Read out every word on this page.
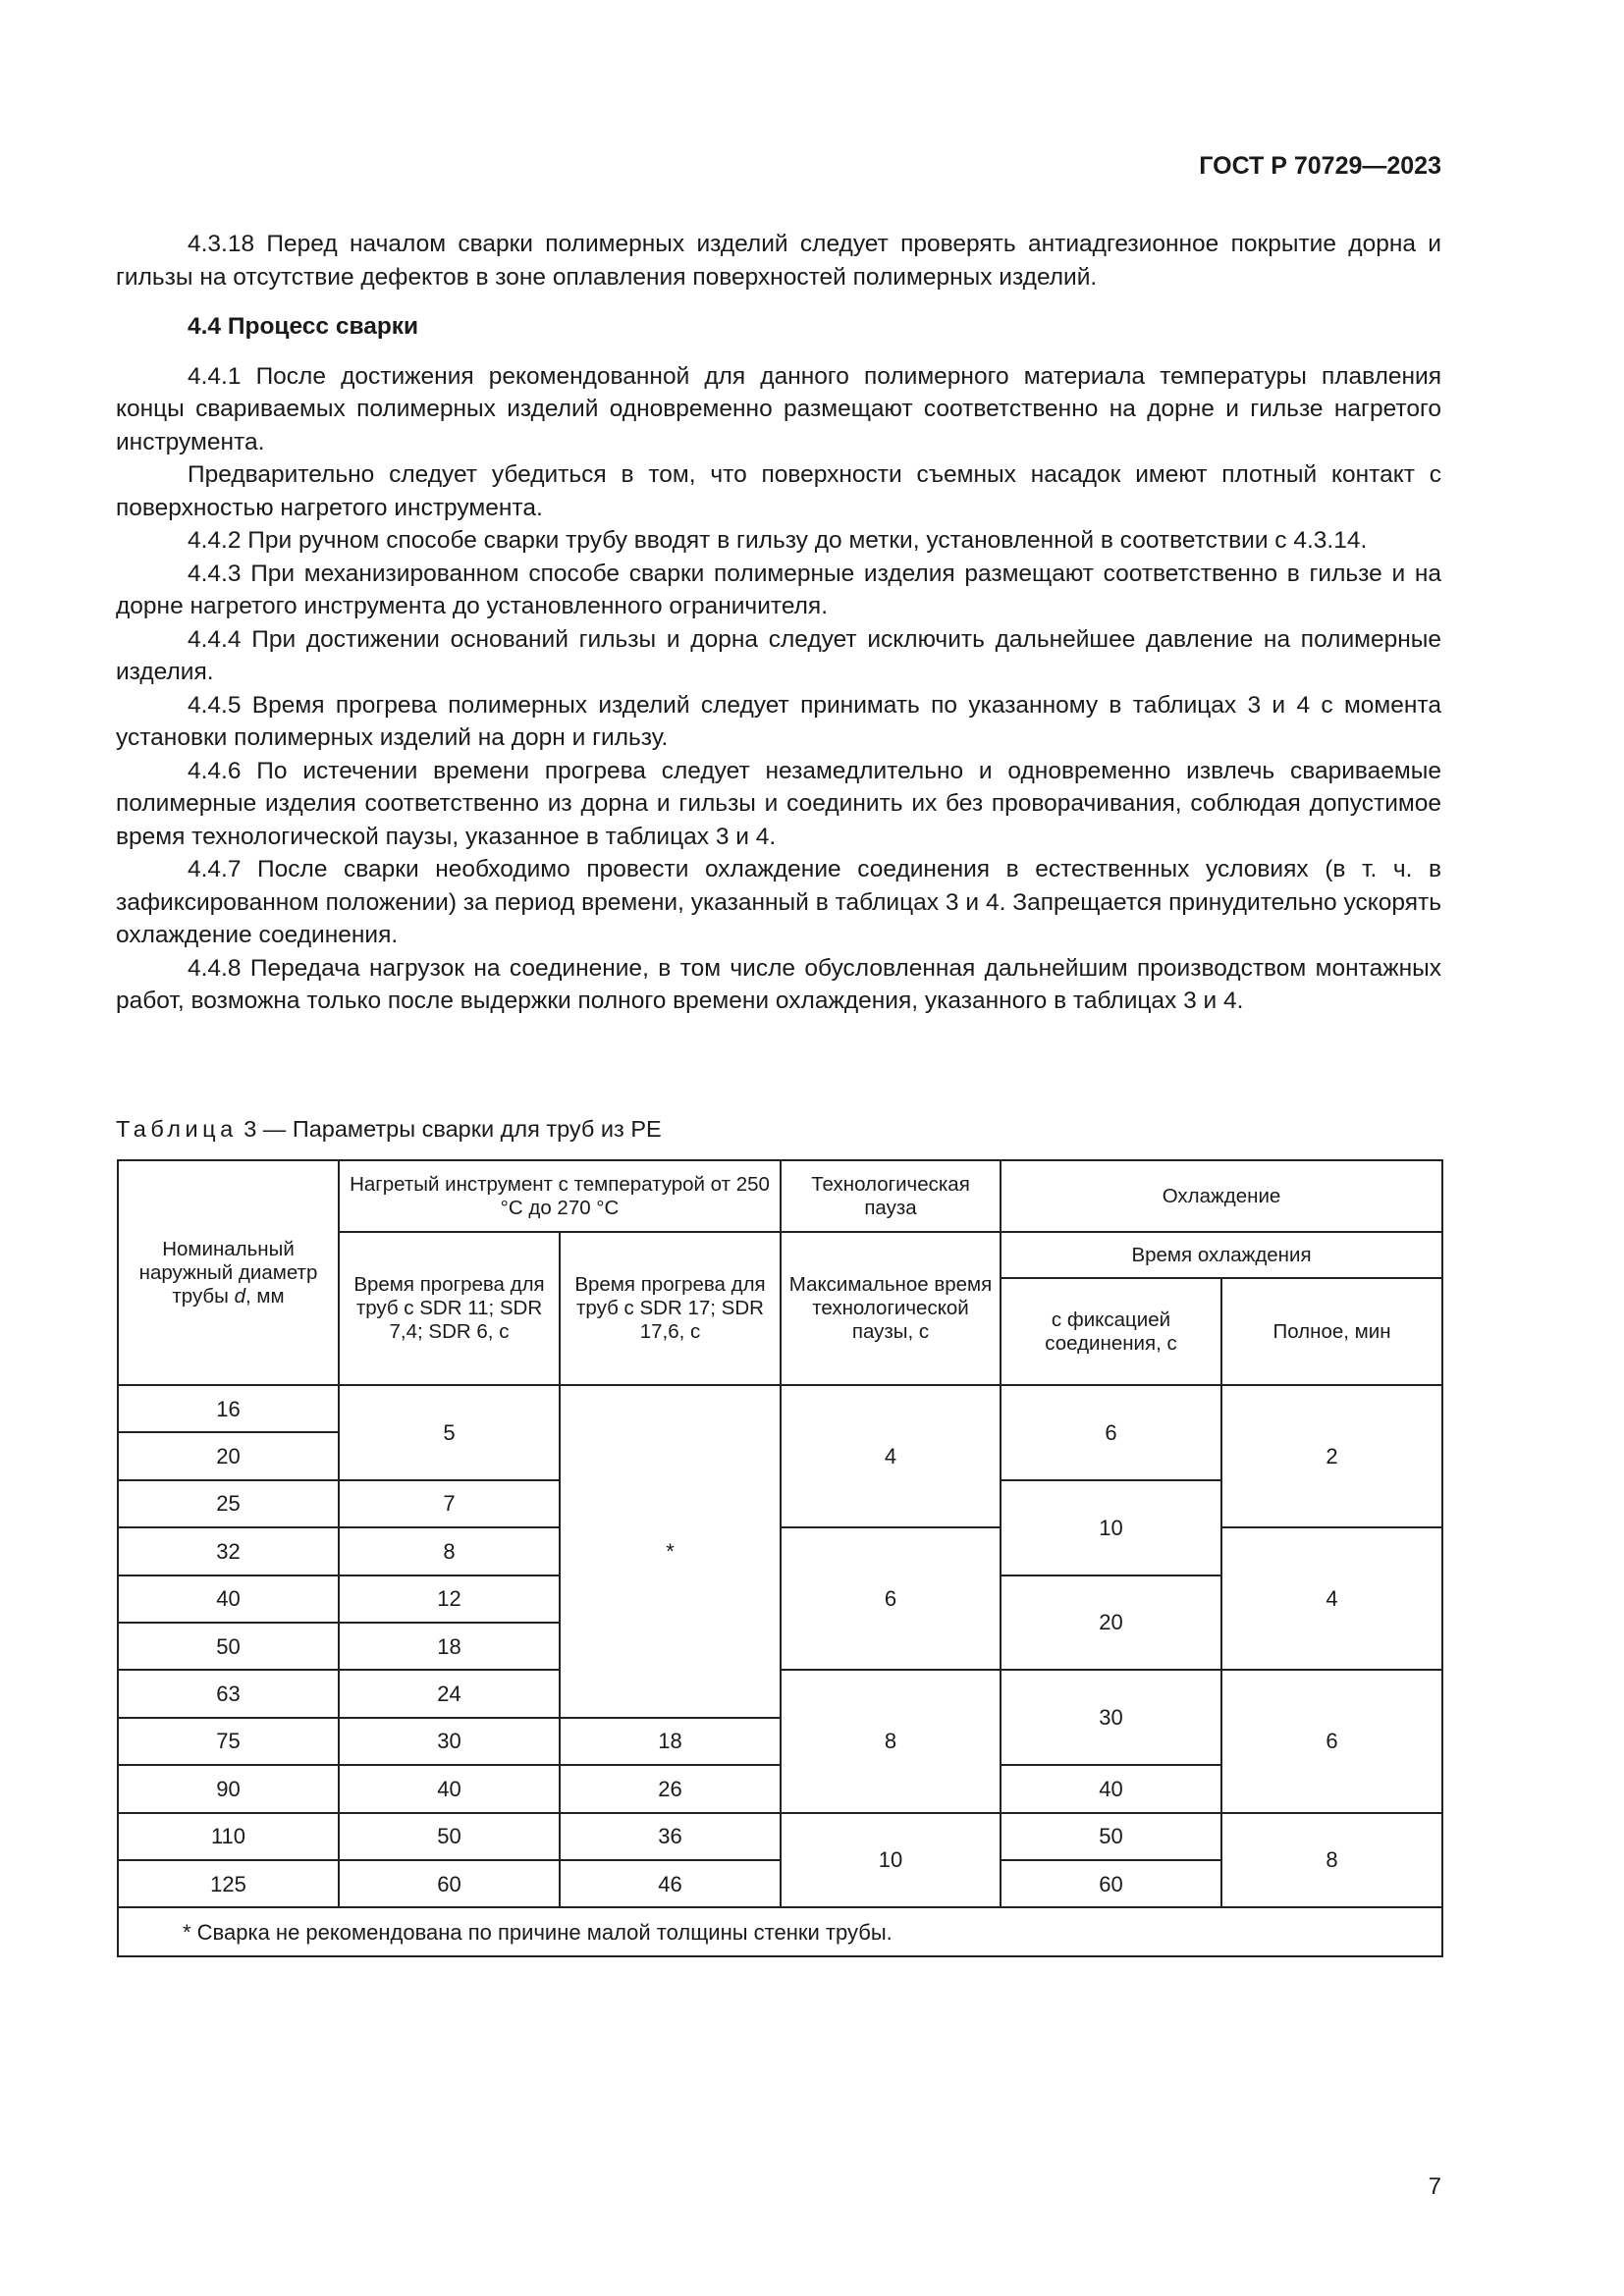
ГОСТ Р 70729—2023

4.3.18 Перед началом сварки полимерных изделий следует проверять антиадгезионное покрытие дорна и гильзы на отсутствие дефектов в зоне оплавления поверхностей полимерных изделий.

4.4 Процесс сварки

4.4.1 После достижения рекомендованной для данного полимерного материала температуры плавления концы свариваемых полимерных изделий одновременно размещают соответственно на дорне и гильзе нагретого инструмента.

Предварительно следует убедиться в том, что поверхности съемных насадок имеют плотный контакт с поверхностью нагретого инструмента.

4.4.2 При ручном способе сварки трубу вводят в гильзу до метки, установленной в соответствии с 4.3.14.

4.4.3 При механизированном способе сварки полимерные изделия размещают соответственно в гильзе и на дорне нагретого инструмента до установленного ограничителя.

4.4.4 При достижении оснований гильзы и дорна следует исключить дальнейшее давление на полимерные изделия.

4.4.5 Время прогрева полимерных изделий следует принимать по указанному в таблицах 3 и 4 с момента установки полимерных изделий на дорн и гильзу.

4.4.6 По истечении времени прогрева следует незамедлительно и одновременно извлечь свариваемые полимерные изделия соответственно из дорна и гильзы и соединить их без проворачивания, соблюдая допустимое время технологической паузы, указанное в таблицах 3 и 4.

4.4.7 После сварки необходимо провести охлаждение соединения в естественных условиях (в т. ч. в зафиксированном положении) за период времени, указанный в таблицах 3 и 4. Запрещается принудительно ускорять охлаждение соединения.

4.4.8 Передача нагрузок на соединение, в том числе обусловленная дальнейшим производством монтажных работ, возможна только после выдержки полного времени охлаждения, указанного в таблицах 3 и 4.

Таблица 3 — Параметры сварки для труб из PE
Номинальный наружный диаметр трубы d, мм	Нагретый инструмент с температурой от 250 °С до 270 °С		Технологическая пауза	Охлаждение	
	Время прогрева для труб с SDR 11; SDR 7,4; SDR 6, с	Время прогрева для труб с SDR 17; SDR 17,6, с	Максимальное время технологической паузы, с	Время охлаждения	
				с фиксацией соединения, с	Полное, мин
16	5	*	4	6	2
20					
25	7			10	
32	8		6		4
40	12			20	
50	18				
63	24		8	30	6
75	30	18			
90	40	26		40	
110	50	36	10	50	8
125	60	46		60	
* Сварка не рекомендована по причине малой толщины стенки трубы.					
7
